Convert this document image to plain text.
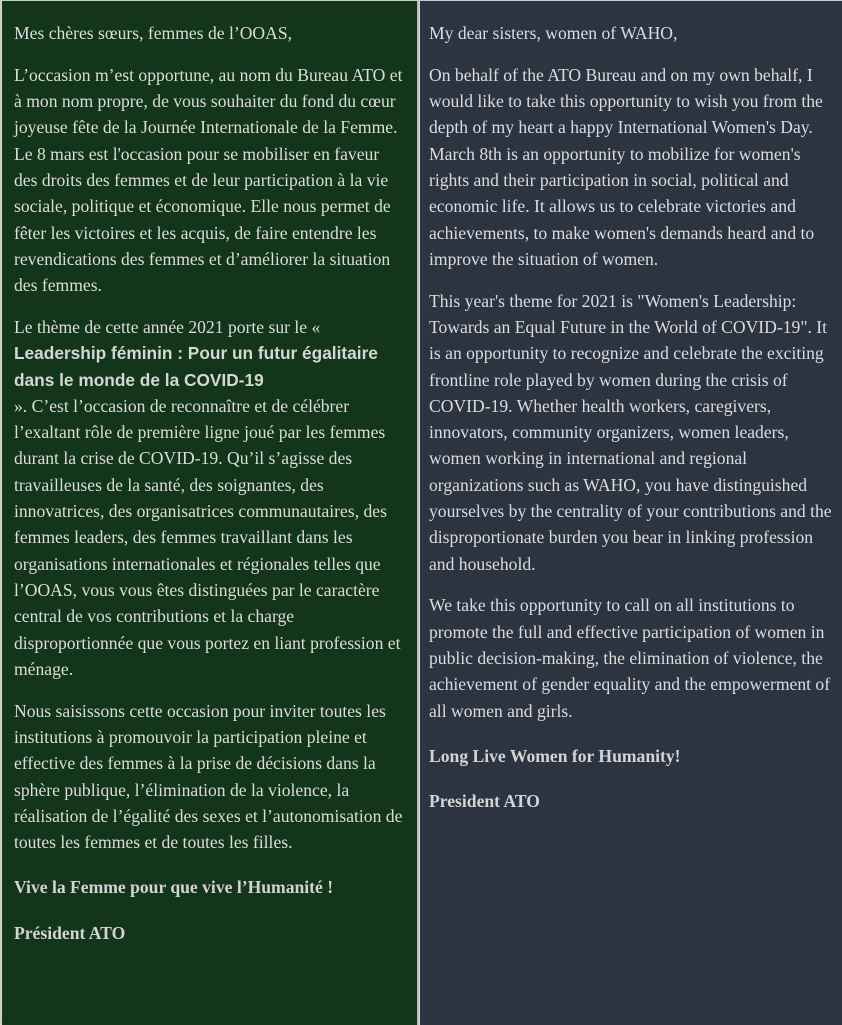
Mes chères sœurs, femmes de l’OOAS,

L’occasion m’est opportune, au nom du Bureau ATO et à mon nom propre, de vous souhaiter du fond du cœur joyeuse fête de la Journée Internationale de la Femme. Le 8 mars est l'occasion pour se mobiliser en faveur des droits des femmes et de leur participation à la vie sociale, politique et économique. Elle nous permet de fêter les victoires et les acquis, de faire entendre les revendications des femmes et d’améliorer la situation des femmes.

Le thème de cette année 2021 porte sur le «
Leadership féminin : Pour un futur égalitaire dans le monde de la COVID-19
». C’est l’occasion de reconnaître et de célébrer l’exaltant rôle de première ligne joué par les femmes durant la crise de COVID-19. Qu’il s’agisse des travailleuses de la santé, des soignantes, des innovatrices, des organisatrices communautaires, des femmes leaders, des femmes travaillant dans les organisations internationales et régionales telles que l’OOAS, vous vous êtes distinguées par le caractère central de vos contributions et la charge disproportionnée que vous portez en liant profession et ménage.

Nous saisissons cette occasion pour inviter toutes les institutions à promouvoir la participation pleine et effective des femmes à la prise de décisions dans la sphère publique, l’élimination de la violence, la réalisation de l’égalité des sexes et l’autonomisation de toutes les femmes et de toutes les filles.

Vive la Femme pour que vive l’Humanité !

Président ATO

My dear sisters, women of WAHO,

On behalf of the ATO Bureau and on my own behalf, I would like to take this opportunity to wish you from the depth of my heart a happy International Women's Day. March 8th is an opportunity to mobilize for women's rights and their participation in social, political and economic life. It allows us to celebrate victories and achievements, to make women's demands heard and to improve the situation of women.

This year's theme for 2021 is "Women's Leadership: Towards an Equal Future in the World of COVID-19". It is an opportunity to recognize and celebrate the exciting frontline role played by women during the crisis of COVID-19. Whether health workers, caregivers, innovators, community organizers, women leaders, women working in international and regional organizations such as WAHO, you have distinguished yourselves by the centrality of your contributions and the disproportionate burden you bear in linking profession and household.

We take this opportunity to call on all institutions to promote the full and effective participation of women in public decision-making, the elimination of violence, the achievement of gender equality and the empowerment of all women and girls.

Long Live Women for Humanity!

President ATO
